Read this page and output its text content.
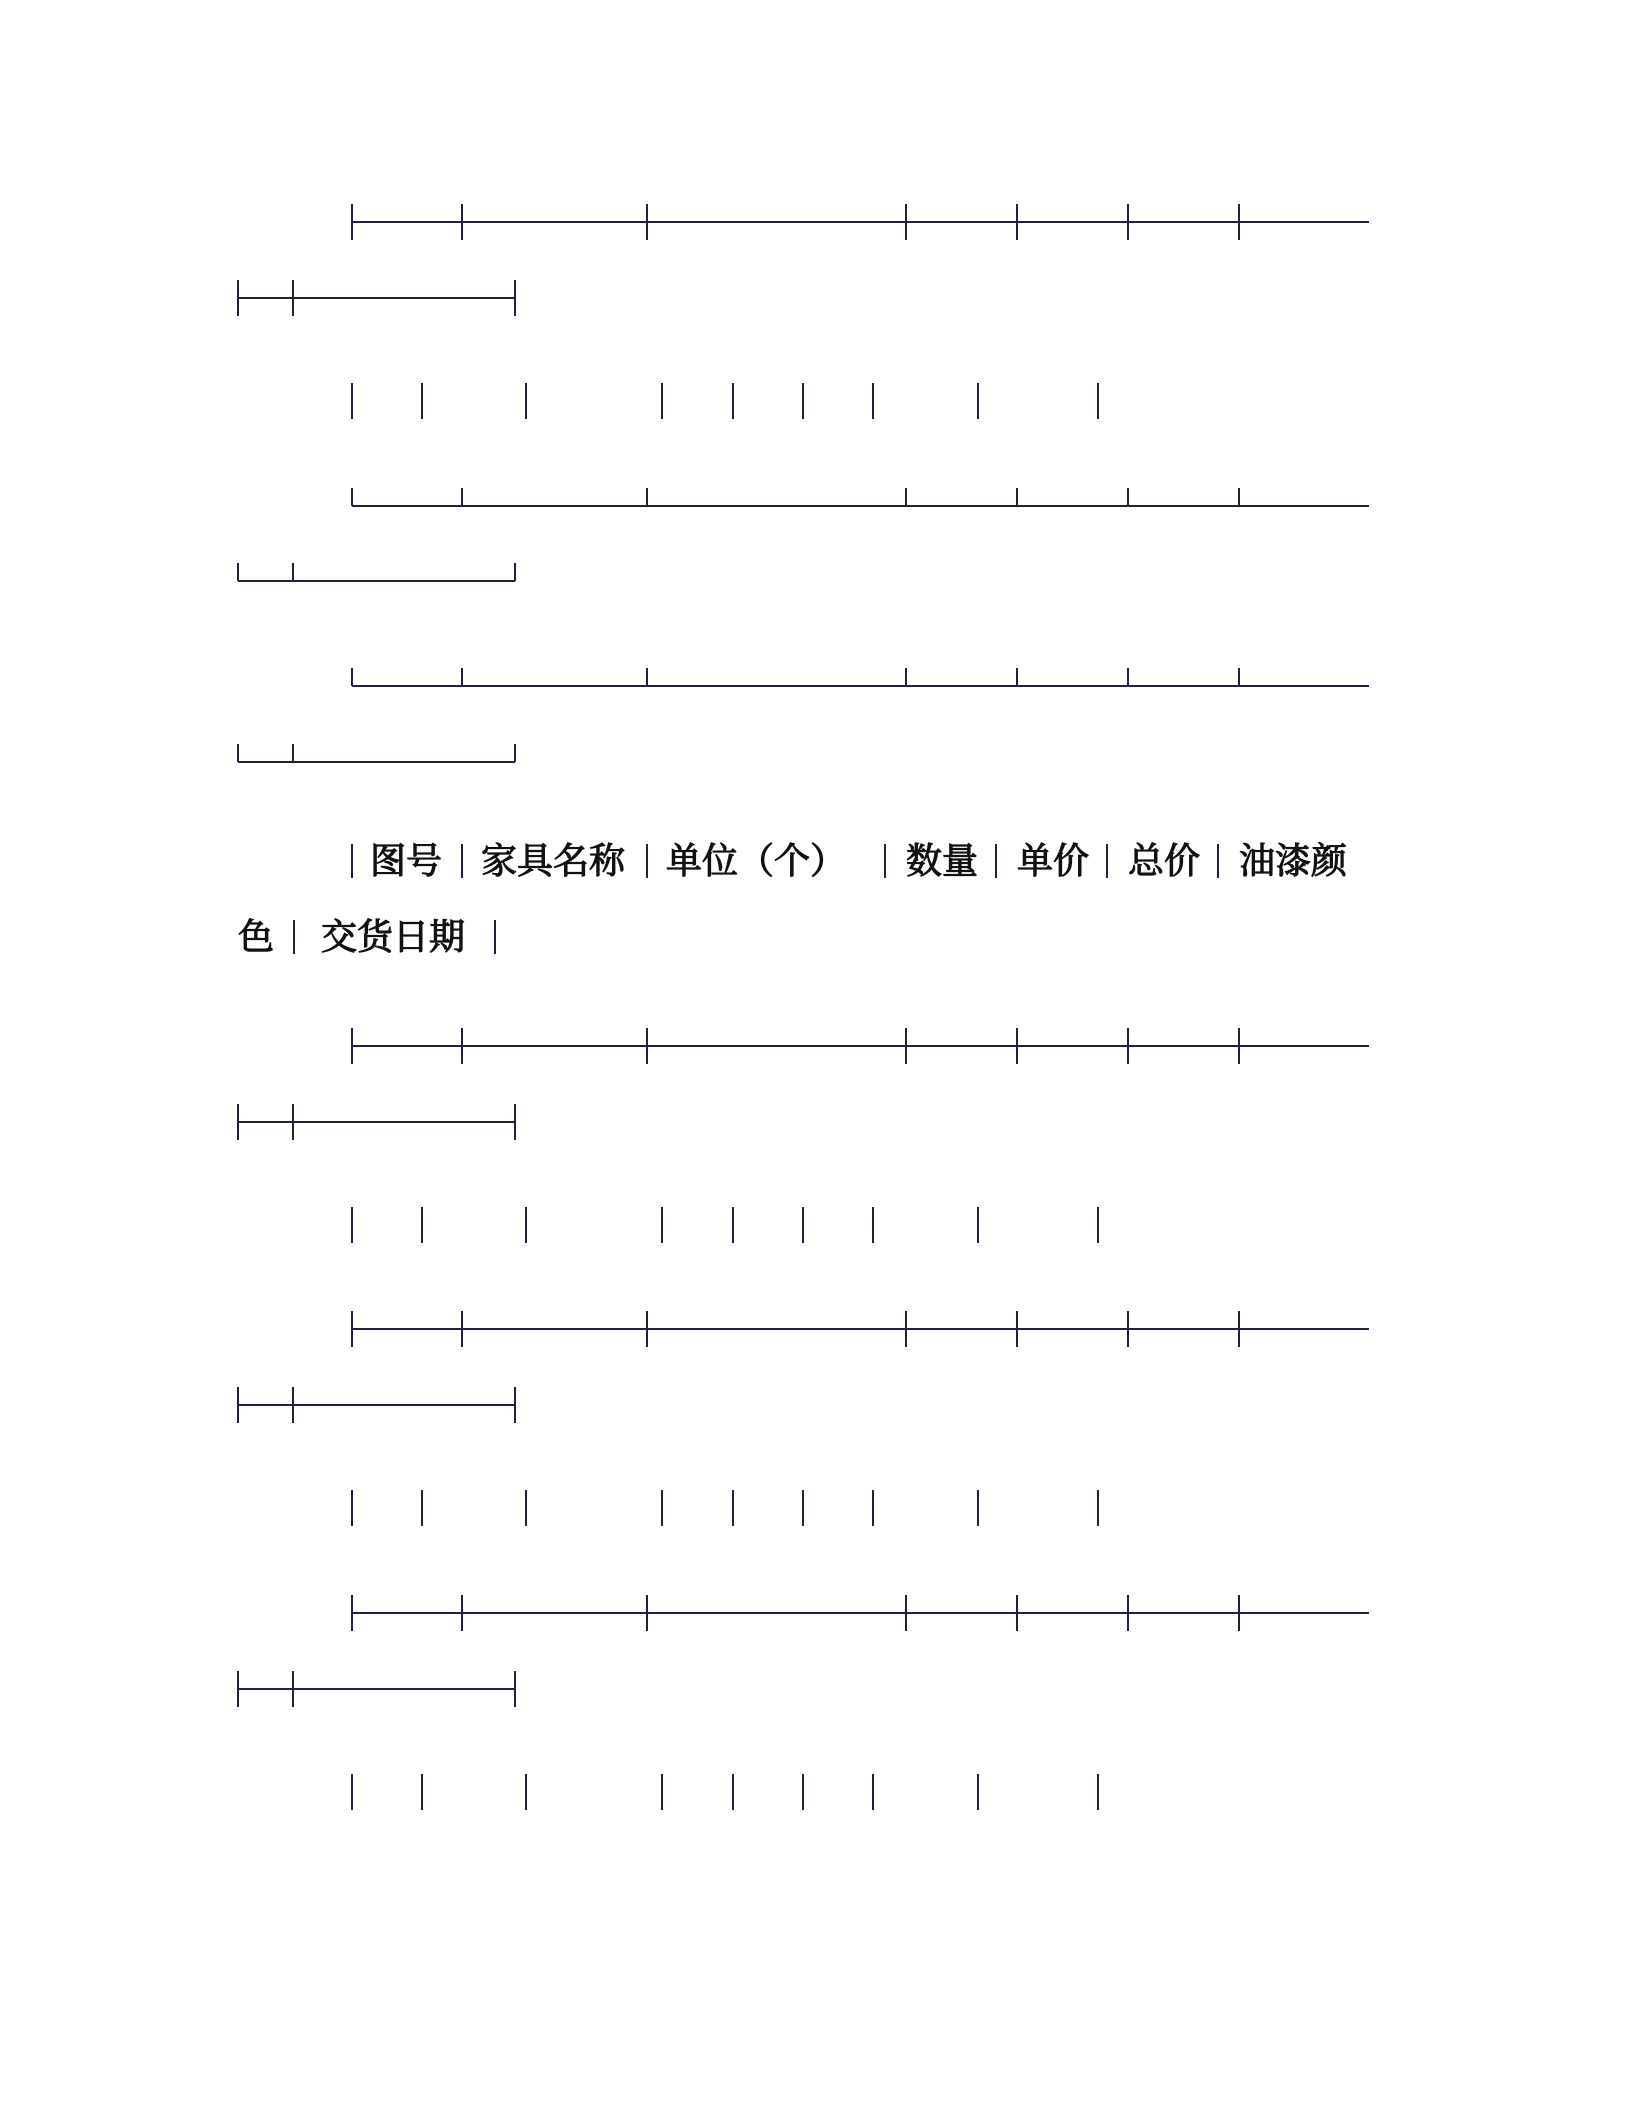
图号 家具名称 单位（个） 数量 单价 总价 油漆颜
色 交货日期
